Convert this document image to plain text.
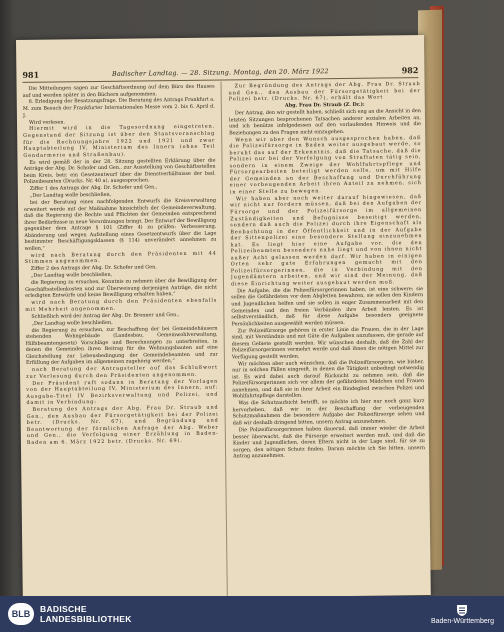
981	Badischer Landtag. — 28. Sitzung. Montag, den 20. März 1922	982

Die Mitteilungen sagen zur Geschäftsordnung auf dem Büro des Hauses auf und werden später in den Büchern aufgenommen.

8. Erledigung der Besatzungsfrage. Die Beratung des Antrags Frankfurt a. M. zum Besuch der Frankfurter Internationalen Messe vom 2. bis 6. April d. J.

Wird verlesen.

Hiermit wird in die Tagesordnung eingetreten. Gegenstand der Sitzung ist über den Staatsvoranschlag für die Rechnungsjahre 1922 und 1921 und zwar Hauptabteilung IV, Ministerium des Innern (ohne Teil Gendarmerie und Straßenbau).

Es wird gemäß der in der 28. Sitzung gestellten Erklärung über die Anträge der Abg. Dr. Schofer und Gen., zur Ausstellung von Geschäftsstellen beim Kreis, betr. ein Gesetzentwurf über die Dienstverhältnisse der bad. Polizeibeamten (Drucks. Nr. 40 a), ausgesprochen.

Ziffer 1 des Antrags der Abg. Dr. Schofer und Gen.,

„Der Landtag wolle beschließen,

bei der Beratung eines nachfolgenden Entwurfs die Kreisverwaltung erweitert werde mit der Maßnahme hinsichtlich der Gemeindeverwaltung, daß die Regierung die Rechte und Pflichten der Gemeinden entsprechend ihrer Bedürfnisse in neue Verordnungen bringt. Der Entwurf der Bewilligung gegenüber dem Antrage § 101 (Ziffer 4) zu prüfen: Verbesserung, Abänderung und wegen Aufstellung eines Gesetzentwurfs über die Lage bestimmter Beschäftigungsklassen (§ 114) unverändert annehmen zu wollen,“

wird nach Beratung durch den Präsidenten mit 44 Stimmen angenommen.

Ziffer 2 des Antrags der Abg. Dr. Schofer und Gen.

„Der Landtag wolle beschließen,

die Regierung zu ersuchen, Kenntnis zu nehmen über die Bewilligung der Geschäftsstellenkosten und zur Überweisung derjenigen Anträge, die nicht erledigten Entwürfe und keine Bewilligung erhalten haben,“

wird nach Beratung durch den Präsidenten ebenfalls mit Mehrheit angenommen.

Schließlich wird der Antrag der Abg. Dr. Brenner und Gen.,

„Der Landtag wolle beschließen,

die Regierung zu ersuchen, zur Beschaffung der bei Gemeindehäusern stehenden Wohngebäude (Landesbau, Gemeinwohlverwaltung, Hilfsbeamtengesetz) Vorschläge und Berechnungen zu unterbreiten, in denen die Gemeinden ihren Beitrag für die Wohnungsbauten auf eine Gleichstellung zur Lebensbedingung der Gemeindebeamten und zur Erfüllung der Aufgaben im allgemeinen zugehörig werden,“

nach Beratung der Antragsteller auf das Schlußwort zur Verlesung durch den Präsidenten angenommen.

Der Präsident ruft sodann in Beratung der Vorlagen von der Hauptabteilung IV, Ministerium des Innern, auf: Ausgabe-Titel IV Bezirksverwaltung und Polizei, und damit in Verbindung:

Beratung des Antrags der Abg. Frau Dr. Straub und Gen., den Ausbau der Fürsorgetätigkeit bei der Polizei betr. (Drucks. Nr. 67), und Begründung und Beantwortung der förmlichen Anfrage der Abg. Weber und Gen., die Verfolgung einer Erzählung in Baden-Baden am 6. März 1922 betr. (Drucks. Nr. 69).

Zur Begründung des Antrags der Abg. Frau Dr. Straub und Gen., den Ausbau der Fürsorgetätigkeit bei der Polizei betr. (Drucks. Nr. 67), erhält das Wort

Abg. Frau Dr. Straub (Z. Dr.):

Der Antrag, den wir gestellt haben, schließt sich eng an die Ansicht in den letzten Sitzungen besprochenen Tatsachen anderer sozialen Arbeiten an, und ich benütze infolgedessen auf den vorlaufenden Hinweis und die Beziehungen zu den Fragen nicht einzugehen.

Wenn wir aber den Wunsch ausgesprochen haben, daß die Polizeifürsorge in Baden weiter ausgebaut werde, so beruht das auf der Erkenntnis, daß die Tatsache, daß die Polizei nur bei der Verfolgung von Straftaten tätig sein, sondern in einem Zweige der Wohlfahrtspflege und Fürsorgearbeiten beteiligt werden solle, um mit Hilfe der Gemeinden an der Beschaffung und Durchführung einer vorbeugenden Arbeit ihren Anteil zu nehmen, sich in einer Stelle zu bewegen.

Wir haben aber noch weiter darauf hingewiesen, daß wir nicht nur fordern müssen, daß bei den Aufgaben der Fürsorge und der Polizeifürsorge im allgemeinen Zuständigkeiten und Befugnisse beseitigt werden, sondern daß auch die Polizei durch ihre Eigenschaft als Beobachtung in der Öffentlichkeit und in der Aufgabe der Sittenpolizei eine besondere Stellung einzunehmen hat. Es liegt hier eine Aufgabe vor, die den Polizeibeamten besonders nahe liegt und von ihnen nicht außer Acht gelassen werden darf. Wir haben in einigen Orten sehr gute Erfahrungen gemacht mit den Polizeifürsorgerinnen, die in Verbindung mit den Jugendämtern arbeiten, und wir sind der Meinung, daß diese Einrichtung weiter ausgebaut werden muß.

Die Aufgabe, die die Polizeifürsorgerinnen haben, ist eine schwere; sie sollen die Gefährdeten vor dem Abgleiten bewahren, sie sollen den Kindern und Jugendlichen helfen und sie sollen in enger Zusammenarbeit mit den Gemeinden und den freien Verbänden ihre Arbeit leisten. Es ist selbstverständlich, daß für diese Aufgabe besonders geeignete Persönlichkeiten ausgewählt werden müssen.

Zur Polizeifürsorge gehören in erster Linie die Frauen, die in der Lage sind, mit Verständnis und mit Güte die Aufgaben anzufassen, die gerade auf diesem Gebiete gestellt werden. Wir wünschen deshalb, daß die Zahl der Polizeifürsorgerinnen vermehrt werde und daß ihnen die nötigen Mittel zur Verfügung gestellt werden.

Wir möchten aber auch wünschen, daß die Polizeifürsorgerin, wie bisher, nur in solchen Fällen eingreift, in denen die Tätigkeit unbedingt notwendig ist. Es wird dabei auch darauf Rücksicht zu nehmen sein, daß die Polizeifürsorgerinnen sich vor allem der gefährdeten Mädchen und Frauen annehmen, und daß sie in ihrer Arbeit ein Bindeglied zwischen Polizei und Wohlfahrtspflege darstellen.

Was die Schutzaufsicht betrifft, so möchte ich hier nur noch ganz kurz hervorheben, daß wir in der Beschaffung der vorbeugenden Schutzmaßnahmen die besondere Aufgabe der Polizeifürsorge sehen und daß wir deshalb dringend bitten, unsern Antrag anzunehmen.

Die Polizeifürsorgerinnen haben dauernd, daß immer wieder die Arbeit besser überwacht, daß die Fürsorge erweitert werden muß, und daß die Kinder und Jugendlichen, deren Eltern nicht in der Lage sind, für sie zu sorgen, den nötigen Schutz finden. Darum möchte ich Sie bitten, unsern Antrag anzunehmen.

BLB	BADISCHE
LANDESBIBLIOTHEK	Baden-Württemberg
